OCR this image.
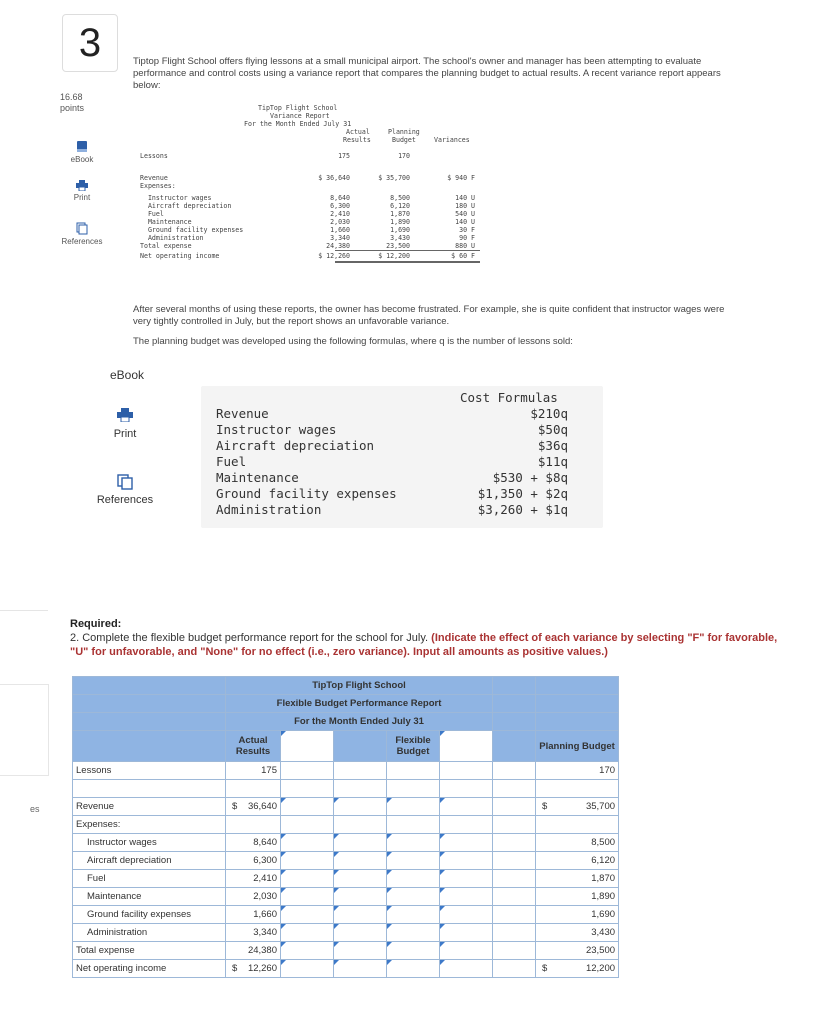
3
16.68
points
eBook
Print
References
es
Tiptop Flight School offers flying lessons at a small municipal airport. The school's owner and manager has been attempting to evaluate performance and control costs using a variance report that compares the planning budget to actual results. A recent variance report appears below:
TipTop Flight School
Variance Report
For the Month Ended July 31
Actual
Results
Planning
Budget	Variances
Lessons	175	170
Revenue	$ 36,640	$ 35,700	$ 940 F
Expenses:
Instructor wages	8,640	8,500	140 U
Aircraft depreciation	6,300	6,120	180 U
Fuel	2,410	1,870	540 U
Maintenance	2,030	1,890	140 U
Ground facility expenses	1,660	1,690	30 F
Administration	3,340	3,430	90 F
Total expense	24,380	23,500	880 U
Net operating income	$ 12,260	$ 12,200	$ 60 F
After several months of using these reports, the owner has become frustrated. For example, she is quite confident that instructor wages were very tightly controlled in July, but the report shows an unfavorable variance.
The planning budget was developed using the following formulas, where q is the number of lessons sold:
eBook
Print
References
Cost Formulas
Revenue	$210q
Instructor wages	$50q
Aircraft depreciation	$36q
Fuel	$11q
Maintenance	$530 + $8q
Ground facility expenses	$1,350 + $2q
Administration	$3,260 + $1q
Required:
2. Complete the flexible budget performance report for the school for July. (Indicate the effect of each variance by selecting "F" for favorable, "U" for unfavorable, and "None" for no effect (i.e., zero variance). Input all amounts as positive values.)
	TipTop Flight School						
	Flexible Budget Performance Report						
	For the Month Ended July 31						
	Actual Results			Flexible Budget			Planning Budget
Lessons	175						170

Revenue	$ 36,640						$ 35,700
Expenses:							
Instructor wages	8,640						8,500
Aircraft depreciation	6,300						6,120
Fuel	2,410						1,870
Maintenance	2,030						1,890
Ground facility expenses	1,660						1,690
Administration	3,340						3,430
Total expense	24,380						23,500
Net operating income	$ 12,260						$ 12,200
